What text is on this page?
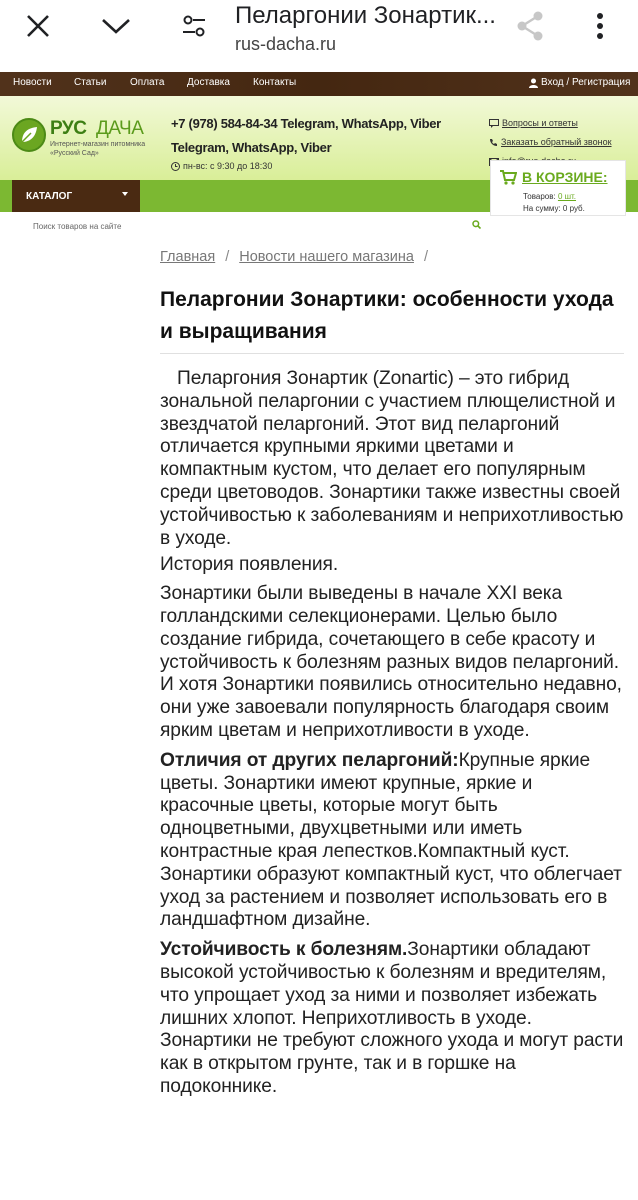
Пеларгонии Зонартик...
rus-dacha.ru
Новости Статьи Оплата Доставка Контакты	Вход / Регистрация
РУС ДАЧА
Интернет-магазин питомника «Русский Сад»
+7 (978) 584-84-34 Telegram, WhatsApp, Viber
Telegram, WhatsApp, Viber
пн-вс: с 9:30 до 18:30
Вопросы и ответы
Заказать обратный звонок
КАТАЛОГ
В КОРЗИНЕ:
Товаров: 0 шт.
На сумму: 0 руб.
Поиск товаров на сайте
Главная / Новости нашего магазина /
Пеларгонии Зонартики: особенности ухода и выращивания

Пеларгония Зонартик (Zonartic) – это гибрид зональной пеларгонии с участием плющелистной и звездчатой пеларгоний. Этот вид пеларгоний отличается крупными яркими цветами и компактным кустом, что делает его популярным среди цветоводов. Зонартики также известны своей устойчивостью к заболеваниям и неприхотливостью в уходе.

История появления.

Зонартики были выведены в начале XXI века голландскими селекционерами. Целью было создание гибрида, сочетающего в себе красоту и устойчивость к болезням разных видов пеларгоний. И хотя Зонартики появились относительно недавно, они уже завоевали популярность благодаря своим ярким цветам и неприхотливости в уходе.

Отличия от других пеларгоний:Крупные яркие цветы. Зонартики имеют крупные, яркие и красочные цветы, которые могут быть одноцветными, двухцветными или иметь контрастные края лепестков.Компактный куст. Зонартики образуют компактный куст, что облегчает уход за растением и позволяет использовать его в ландшафтном дизайне.

Устойчивость к болезням.Зонартики обладают высокой устойчивостью к болезням и вредителям, что упрощает уход за ними и позволяет избежать лишних хлопот. Неприхотливость в уходе. Зонартики не требуют сложного ухода и могут расти как в открытом грунте, так и в горшке на подоконнике.
